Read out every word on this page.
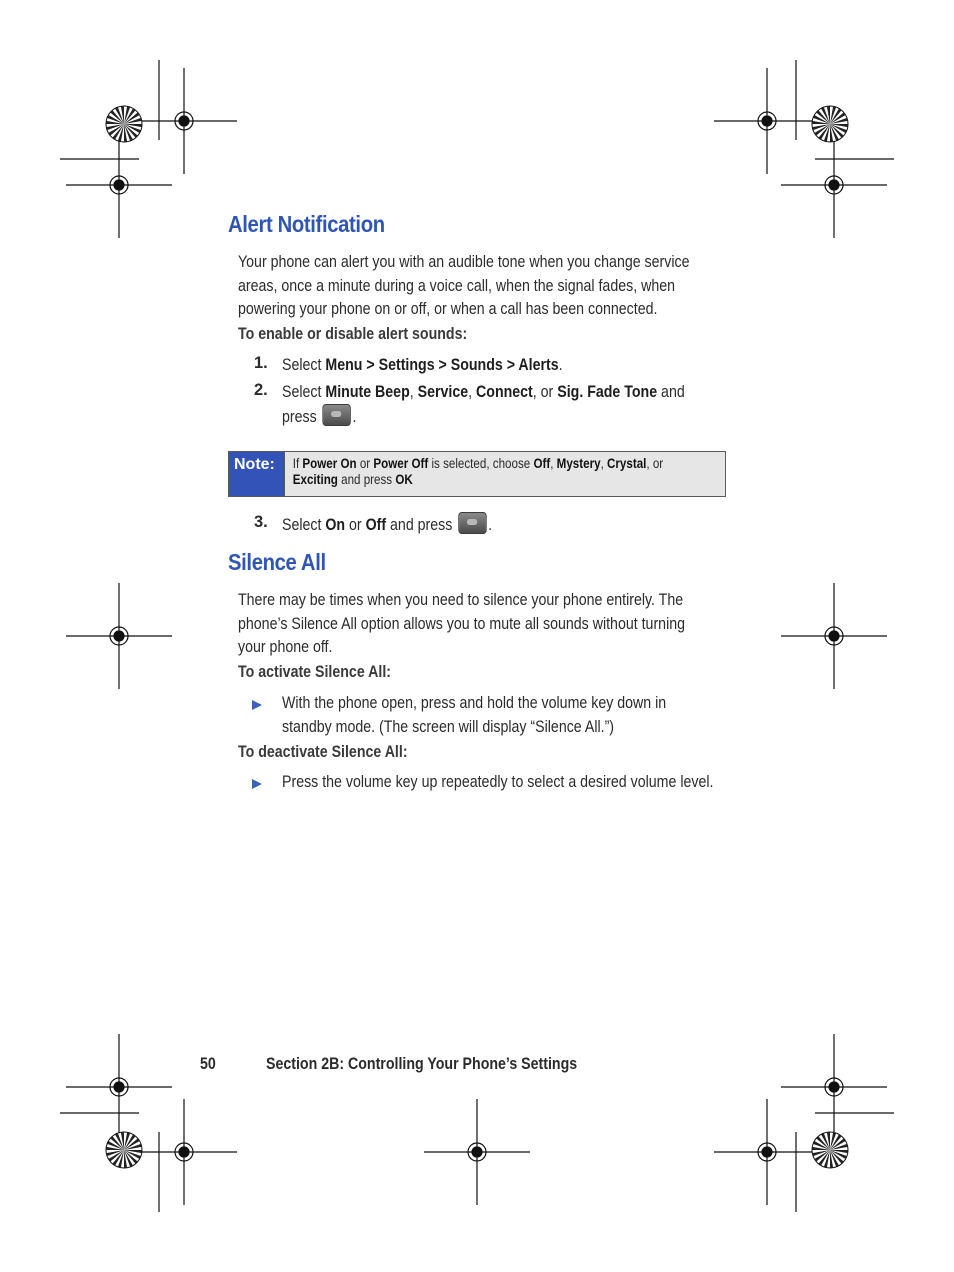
Alert Notification
Your phone can alert you with an audible tone when you change service
areas, once a minute during a voice call, when the signal fades, when
powering your phone on or off, or when a call has been connected.
To enable or disable alert sounds:
1. Select Menu > Settings > Sounds > Alerts.
2. Select Minute Beep, Service, Connect, or Sig. Fade Tone and
press .
Note:	If Power On or Power Off is selected, choose Off, Mystery, Crystal, or
Exciting and press OK
3. Select On or Off and press .
Silence All
There may be times when you need to silence your phone entirely. The
phone’s Silence All option allows you to mute all sounds without turning
your phone off.
To activate Silence All:
With the phone open, press and hold the volume key down in
standby mode. (The screen will display “Silence All.”)
To deactivate Silence All:
Press the volume key up repeatedly to select a desired volume level.
50	Section 2B: Controlling Your Phone’s Settings
